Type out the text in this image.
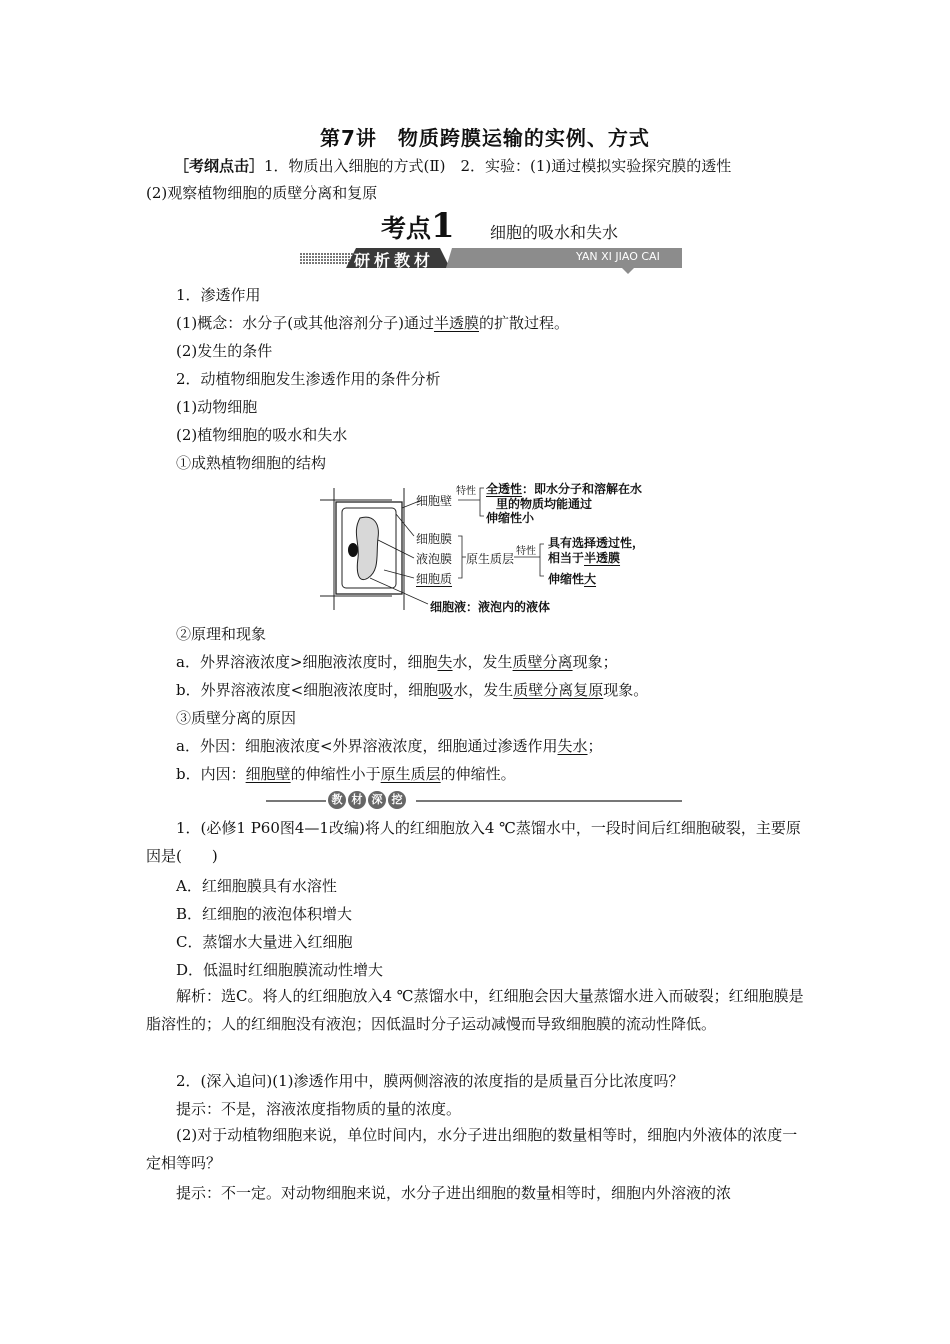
第7讲　物质跨膜运输的实例、方式
［考纲点击］1．物质出入细胞的方式(Ⅱ)　2．实验：(1)通过模拟实验探究膜的透性
(2)观察植物细胞的质壁分离和复原
考点1 细胞的吸水和失水
研析教材	YAN XI JIAO CAI
1．渗透作用
(1)概念：水分子(或其他溶剂分子)通过半透膜的扩散过程。
(2)发生的条件
2．动植物细胞发生渗透作用的条件分析
(1)动物细胞
(2)植物细胞的吸水和失水
①成熟植物细胞的结构
细胞壁
特性 全透性：即水分子和溶解在水
里的物质均能通过
伸缩性小
细胞膜
液泡膜
细胞质
原生质层
特性
具有选择透过性，
相当于半透膜
伸缩性大
细胞液：液泡内的液体
②原理和现象
a．外界溶液浓度>细胞液浓度时，细胞失水，发生质壁分离现象；
b．外界溶液浓度<细胞液浓度时，细胞吸水，发生质壁分离复原现象。
③质壁分离的原因
a．外因：细胞液浓度<外界溶液浓度，细胞通过渗透作用失水；
b．内因：细胞壁的伸缩性小于原生质层的伸缩性。
教 材 深 挖
1．(必修1 P60图4—1改编)将人的红细胞放入4 ℃蒸馏水中，一段时间后红细胞破裂，主要原因是(　　)
A．红细胞膜具有水溶性
B．红细胞的液泡体积增大
C．蒸馏水大量进入红细胞
D．低温时红细胞膜流动性增大
解析：选C。将人的红细胞放入4 ℃蒸馏水中，红细胞会因大量蒸馏水进入而破裂；红细胞膜是脂溶性的；人的红细胞没有液泡；因低温时分子运动减慢而导致细胞膜的流动性降低。
2．(深入追问)(1)渗透作用中，膜两侧溶液的浓度指的是质量百分比浓度吗？
提示：不是，溶液浓度指物质的量的浓度。
(2)对于动植物细胞来说，单位时间内，水分子进出细胞的数量相等时，细胞内外液体的浓度一定相等吗？
提示：不一定。对动物细胞来说，水分子进出细胞的数量相等时，细胞内外溶液的浓
